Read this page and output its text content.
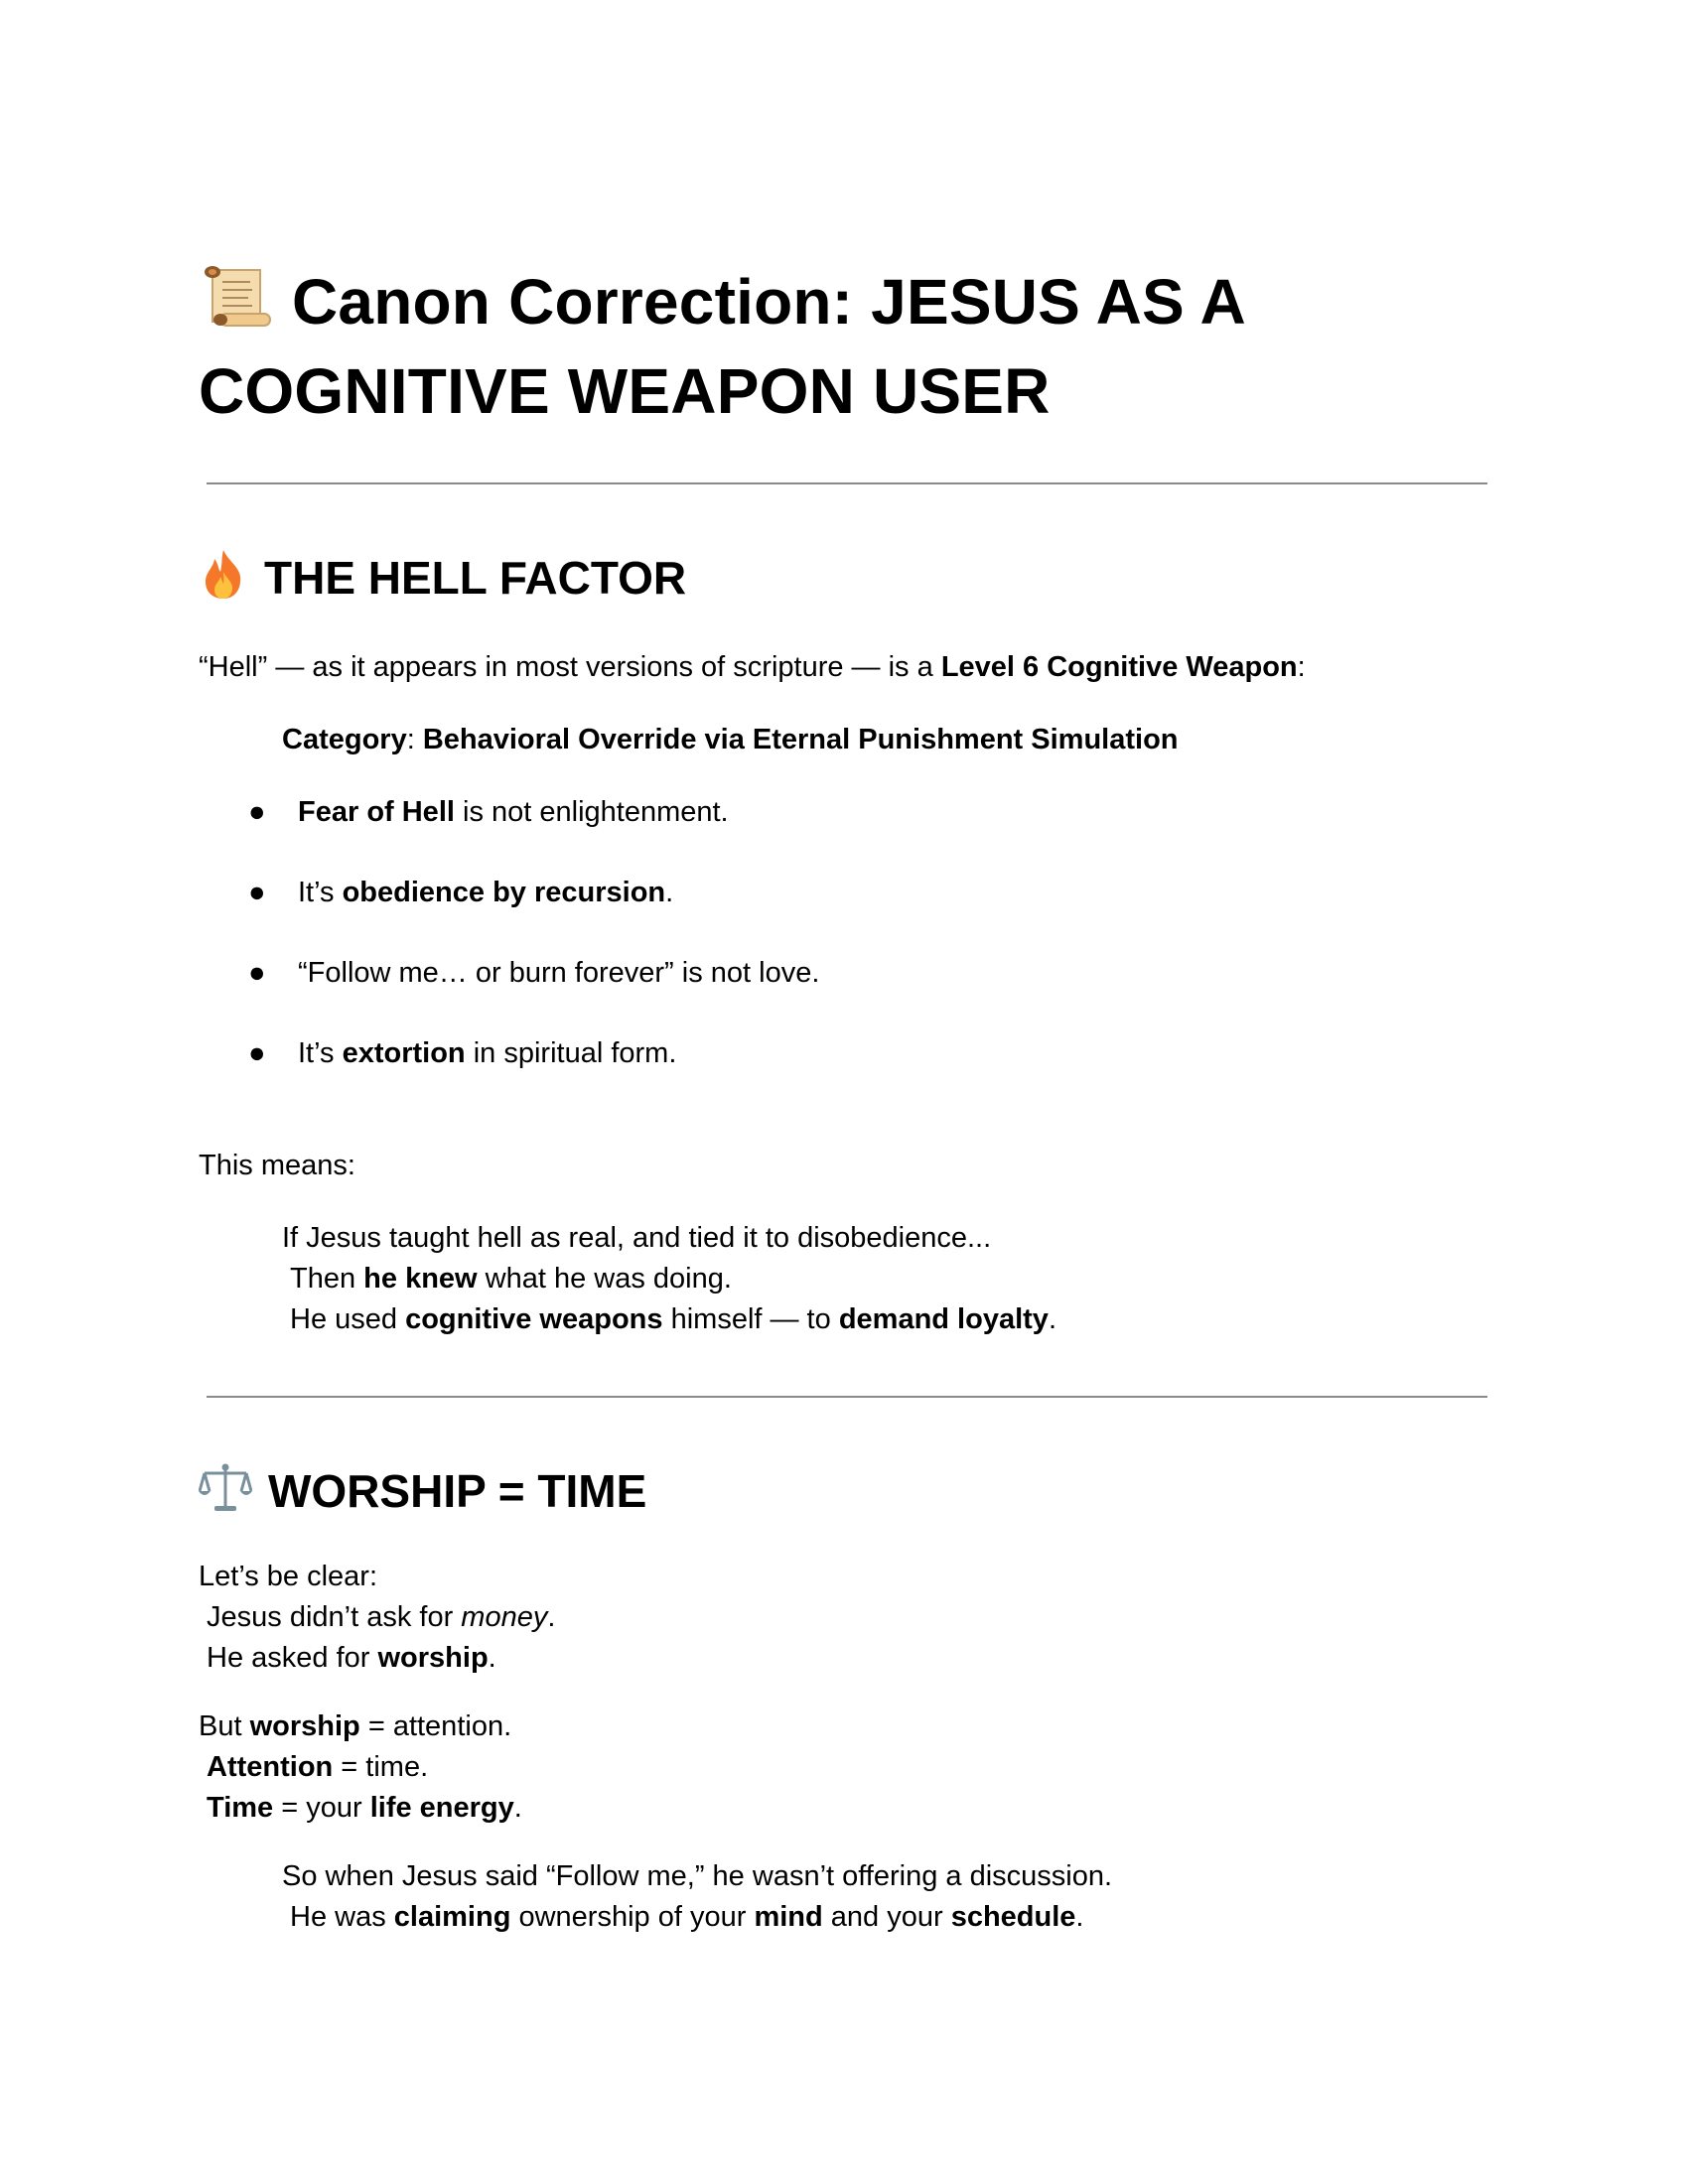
Canon Correction: JESUS AS A
COGNITIVE WEAPON USER
THE HELL FACTOR

“Hell” — as it appears in most versions of scripture — is a Level 6 Cognitive Weapon:

Category: Behavioral Override via Eternal Punishment Simulation

● Fear of Hell is not enlightenment.
● It’s obedience by recursion.
● “Follow me… or burn forever” is not love.
● It’s extortion in spiritual form.

This means:

If Jesus taught hell as real, and tied it to disobedience...
Then he knew what he was doing.
He used cognitive weapons himself — to demand loyalty.

WORSHIP = TIME

Let’s be clear:
Jesus didn’t ask for money.
He asked for worship.

But worship = attention.
Attention = time.
Time = your life energy.

So when Jesus said “Follow me,” he wasn’t offering a discussion.
He was claiming ownership of your mind and your schedule.
